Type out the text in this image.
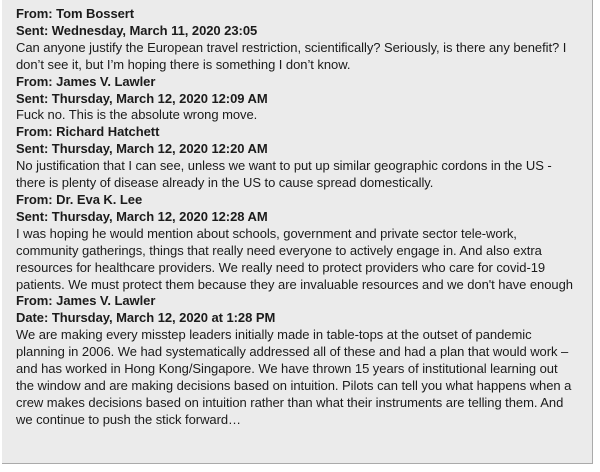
From: Tom Bossert
Sent: Wednesday, March 11, 2020 23:05
Can anyone justify the European travel restriction, scientifically? Seriously, is there any benefit? I don’t see it, but I’m hoping there is something I don’t know.
From: James V. Lawler
Sent: Thursday, March 12, 2020 12:09 AM
Fuck no. This is the absolute wrong move.
From: Richard Hatchett
Sent: Thursday, March 12, 2020 12:20 AM
No justification that I can see, unless we want to put up similar geographic cordons in the US - there is plenty of disease already in the US to cause spread domestically.
From: Dr. Eva K. Lee
Sent: Thursday, March 12, 2020 12:28 AM
I was hoping he would mention about schools, government and private sector tele-work, community gatherings, things that really need everyone to actively engage in. And also extra resources for healthcare providers. We really need to protect providers who care for covid-19 patients. We must protect them because they are invaluable resources and we don't have enough
From: James V. Lawler
Date: Thursday, March 12, 2020 at 1:28 PM
We are making every misstep leaders initially made in table-tops at the outset of pandemic planning in 2006. We had systematically addressed all of these and had a plan that would work – and has worked in Hong Kong/Singapore. We have thrown 15 years of institutional learning out the window and are making decisions based on intuition. Pilots can tell you what happens when a crew makes decisions based on intuition rather than what their instruments are telling them. And we continue to push the stick forward…
